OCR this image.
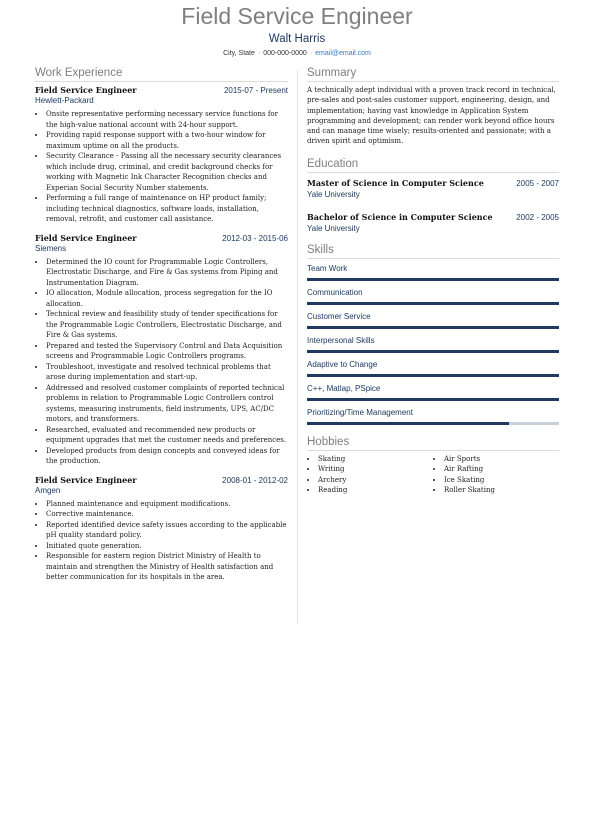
Field Service Engineer
Walt Harris
City, State · 000-000-0000 · email@email.com
Work Experience
Field Service Engineer	2015-07 - Present
Hewlett-Packard
• Onsite representative performing necessary service functions for the high-value national account with 24-hour support.
• Providing rapid response support with a two-hour window for maximum uptime on all the products.
• Security Clearance - Passing all the necessary security clearances which include drug, criminal, and credit background checks for working with Magnetic Ink Character Recognition checks and Experian Social Security Number statements.
• Performing a full range of maintenance on HP product family; including technical diagnostics, software loads, installation, removal, retrofit, and customer call assistance.
Field Service Engineer	2012-03 - 2015-06
Siemens
• Determined the IO count for Programmable Logic Controllers, Electrostatic Discharge, and Fire & Gas systems from Piping and Instrumentation Diagram.
• IO allocation, Module allocation, process segregation for the IO allocation.
• Technical review and feasibility study of tender specifications for the Programmable Logic Controllers, Electrostatic Discharge, and Fire & Gas systems.
• Prepared and tested the Supervisory Control and Data Acquisition screens and Programmable Logic Controllers programs.
• Troubleshoot, investigate and resolved technical problems that arose during implementation and start-up.
• Addressed and resolved customer complaints of reported technical problems in relation to Programmable Logic Controllers control systems, measuring instruments, field instruments, UPS, AC/DC motors, and transformers.
• Researched, evaluated and recommended new products or equipment upgrades that met the customer needs and preferences.
• Developed products from design concepts and conveyed ideas for the production.
Field Service Engineer	2008-01 - 2012-02
Amgen
• Planned maintenance and equipment modifications.
• Corrective maintenance.
• Reported identified device safety issues according to the applicable pH quality standard policy.
• Initiated quote generation.
• Responsible for eastern region District Ministry of Health to maintain and strengthen the Ministry of Health satisfaction and better communication for its hospitals in the area.
Summary
A technically adept individual with a proven track record in technical, pre-sales and post-sales customer support, engineering, design, and implementation; having vast knowledge in Application System programming and development; can render work beyond office hours and can manage time wisely; results-oriented and passionate; with a driven spirit and optimism.
Education
Master of Science in Computer Science	2005 - 2007
Yale University
Bachelor of Science in Computer Science	2002 - 2005
Yale University
Skills
Team Work
Communication
Customer Service
Interpersonal Skills
Adaptive to Change
C++, Matlap, PSpice
Prioritizing/Time Management
Hobbies
• Skating
• Writing
• Archery
• Reading
• Air Sports
• Air Rafting
• Ice Skating
• Roller Skating
